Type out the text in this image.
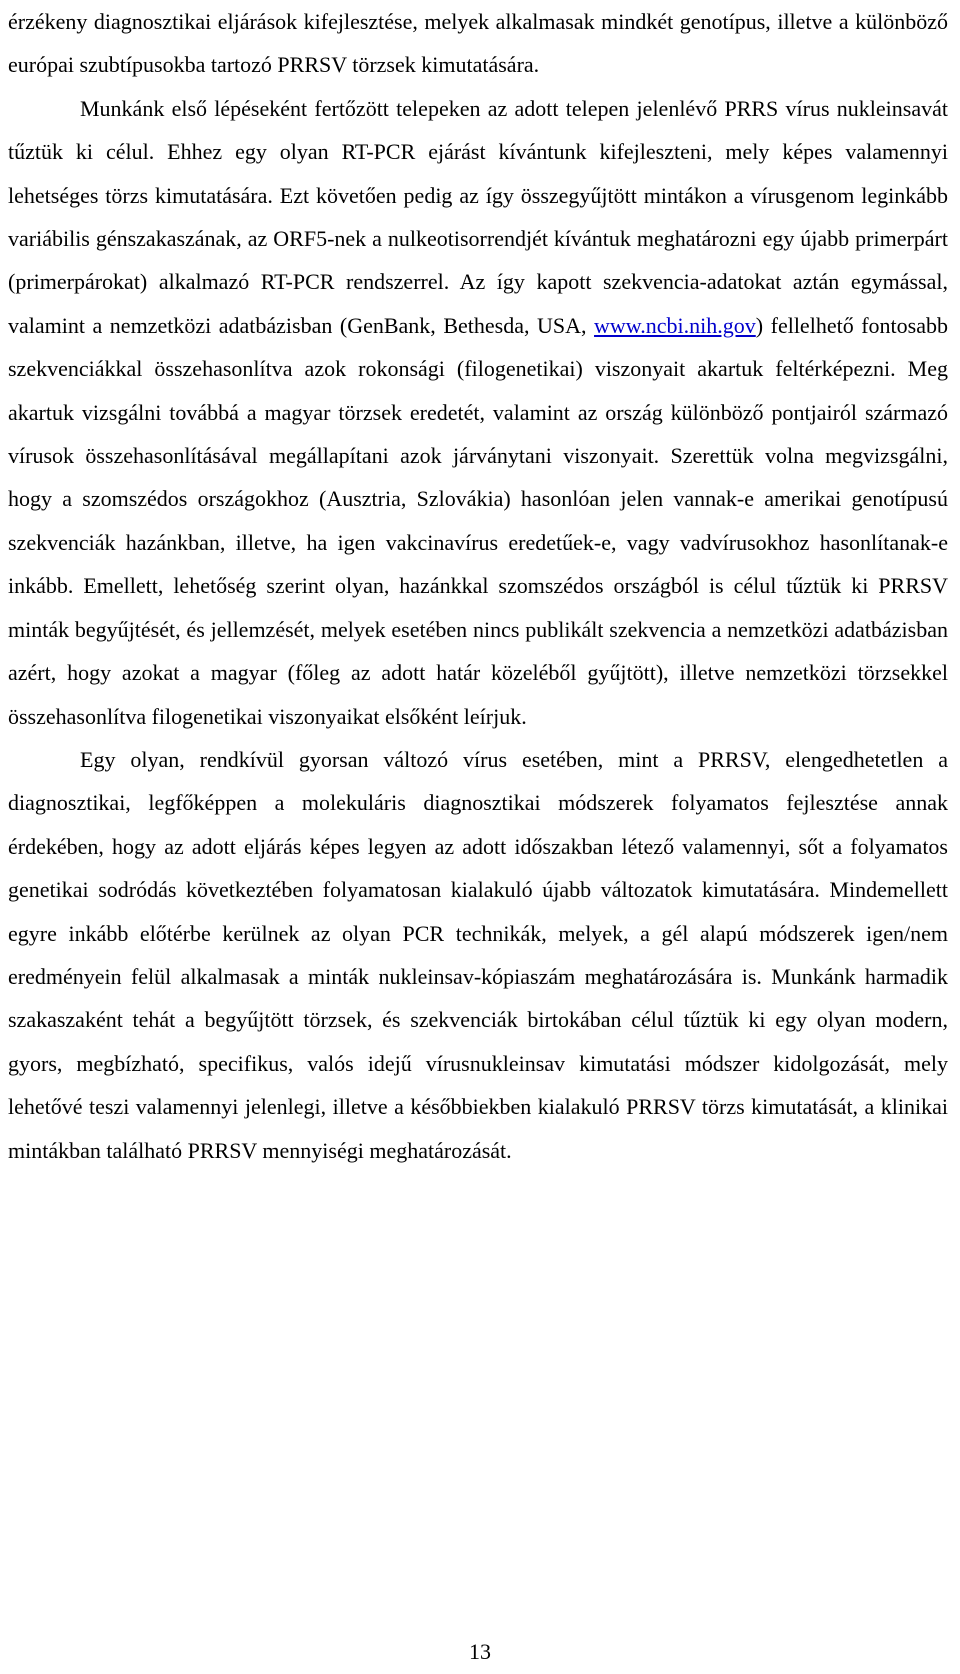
érzékeny diagnosztikai eljárások kifejlesztése, melyek alkalmasak mindkét genotípus, illetve a különböző európai szubtípusokba tartozó PRRSV törzsek kimutatására.

Munkánk első lépéseként fertőzött telepeken az adott telepen jelenlévő PRRS vírus nukleinsavát tűztük ki célul. Ehhez egy olyan RT-PCR ejárást kívántunk kifejleszteni, mely képes valamennyi lehetséges törzs kimutatására. Ezt követően pedig az így összegyűjtött mintákon a vírusgenom leginkább variábilis génszakaszának, az ORF5-nek a nulkeotisorrendjét kívántuk meghatározni egy újabb primerpárt (primerpárokat) alkalmazó RT-PCR rendszerrel. Az így kapott szekvencia-adatokat aztán egymással, valamint a nemzetközi adatbázisban (GenBank, Bethesda, USA, www.ncbi.nih.gov) fellelhető fontosabb szekvenciákkal összehasonlítva azok rokonsági (filogenetikai) viszonyait akartuk feltérképezni. Meg akartuk vizsgálni továbbá a magyar törzsek eredetét, valamint az ország különböző pontjairól származó vírusok összehasonlításával megállapítani azok járványtani viszonyait. Szerettük volna megvizsgálni, hogy a szomszédos országokhoz (Ausztria, Szlovákia) hasonlóan jelen vannak-e amerikai genotípusú szekvenciák hazánkban, illetve, ha igen vakcinavírus eredetűek-e, vagy vadvírusokhoz hasonlítanak-e inkább. Emellett, lehetőség szerint olyan, hazánkkal szomszédos országból is célul tűztük ki PRRSV minták begyűjtését, és jellemzését, melyek esetében nincs publikált szekvencia a nemzetközi adatbázisban azért, hogy azokat a magyar (főleg az adott határ közeléből gyűjtött), illetve nemzetközi törzsekkel összehasonlítva filogenetikai viszonyaikat elsőként leírjuk.

Egy olyan, rendkívül gyorsan változó vírus esetében, mint a PRRSV, elengedhetetlen a diagnosztikai, legfőképpen a molekuláris diagnosztikai módszerek folyamatos fejlesztése annak érdekében, hogy az adott eljárás képes legyen az adott időszakban létező valamennyi, sőt a folyamatos genetikai sodródás következtében folyamatosan kialakuló újabb változatok kimutatására. Mindemellett egyre inkább előtérbe kerülnek az olyan PCR technikák, melyek, a gél alapú módszerek igen/nem eredményein felül alkalmasak a minták nukleinsav-kópiaszám meghatározására is. Munkánk harmadik szakaszaként tehát a begyűjtött törzsek, és szekvenciák birtokában célul tűztük ki egy olyan modern, gyors, megbízható, specifikus, valós idejű vírusnukleinsav kimutatási módszer kidolgozását, mely lehetővé teszi valamennyi jelenlegi, illetve a későbbiekben kialakuló PRRSV törzs kimutatását, a klinikai mintákban található PRRSV mennyiségi meghatározását.

13
